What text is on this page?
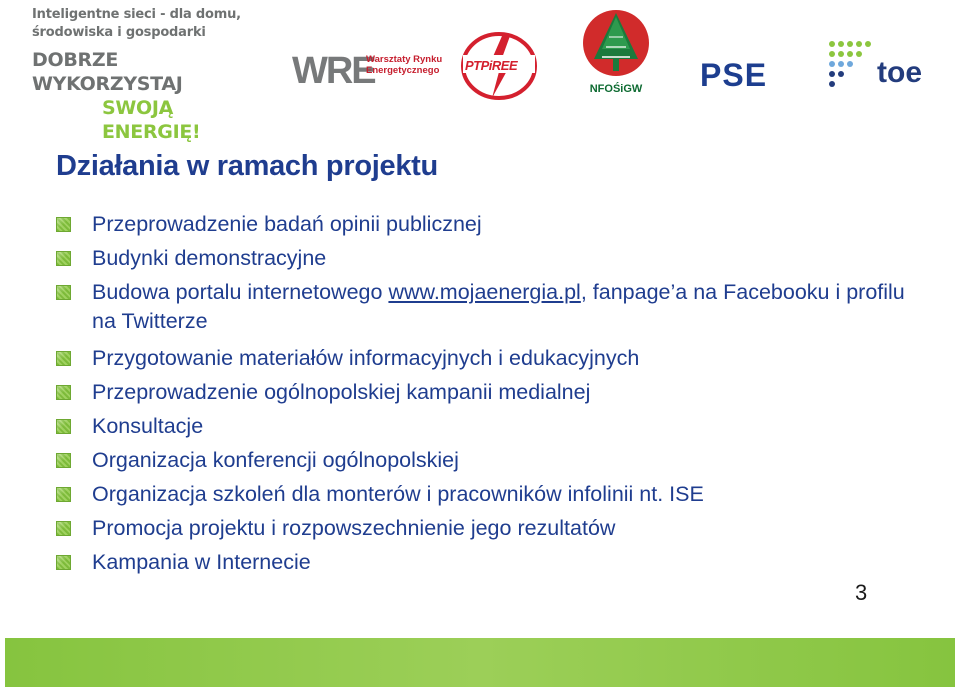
Inteligentne sieci - dla domu,
środowiska i gospodarki
DOBRZE WYKORZYSTAJ
SWOJĄ ENERGIĘ!
WRE
Warsztaty Rynku Energetycznego	PTPiREE
NFOŚiGW PSE	toe
Działania w ramach projektu
Przeprowadzenie badań opinii publicznej
Budynki demonstracyjne
Budowa portalu internetowego www.mojaenergia.pl, fanpage’a na Facebooku i profilu na Twitterze
Przygotowanie materiałów informacyjnych i edukacyjnych
Przeprowadzenie ogólnopolskiej kampanii medialnej
Konsultacje
Organizacja konferencji ogólnopolskiej
Organizacja szkoleń dla monterów i pracowników infolinii nt. ISE
Promocja projektu i rozpowszechnienie jego rezultatów
Kampania w Internecie
3
